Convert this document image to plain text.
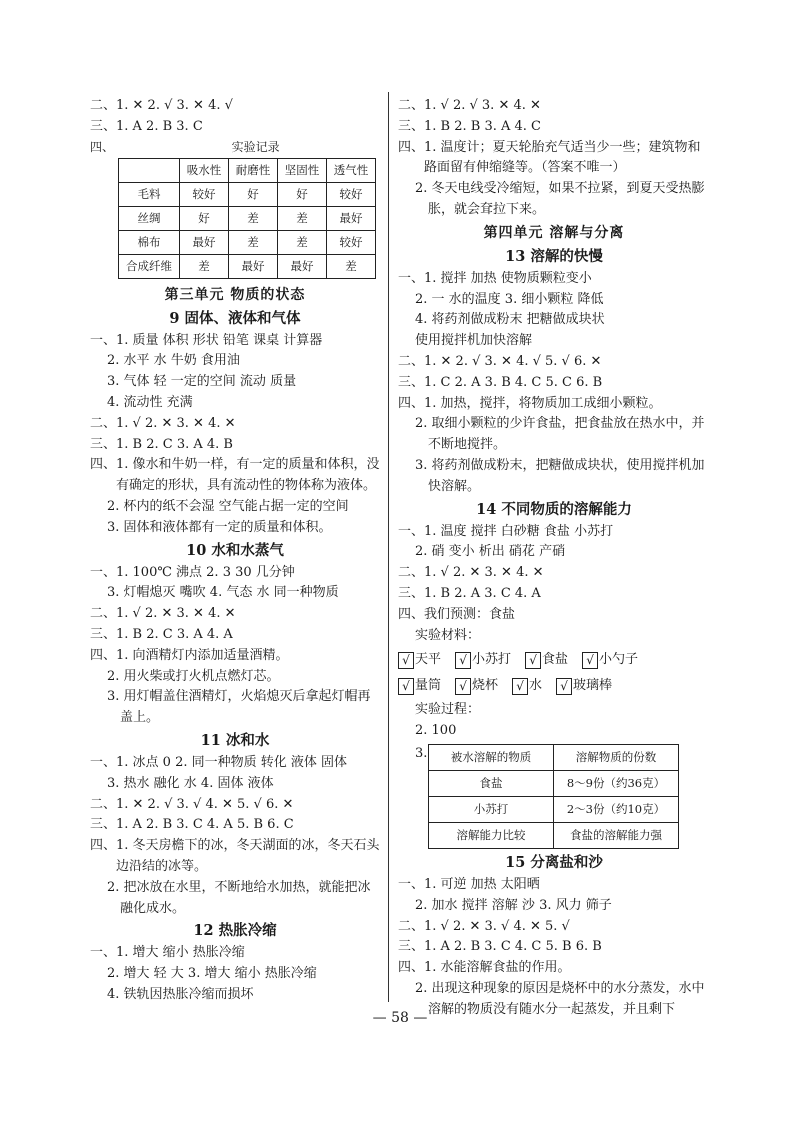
二、1. ✕ 2. √ 3. ✕ 4. √
三、1. A 2. B 3. C
四、	实验记录
	吸水性	耐磨性	坚固性	透气性
毛料	较好	好	好	较好
丝绸	好	差	差	最好
棉布	最好	差	差	较好
合成纤维	差	最好	最好	差
第三单元 物质的状态
9 固体、液体和气体
一、1. 质量 体积 形状 铅笔 课桌 计算器
2. 水平 水 牛奶 食用油
3. 气体 轻 一定的空间 流动 质量
4. 流动性 充满
二、1. √ 2. ✕ 3. ✕ 4. ✕
三、1. B 2. C 3. A 4. B
四、1. 像水和牛奶一样，有一定的质量和体积，没有确定的形状，具有流动性的物体称为液体。
2. 杯内的纸不会湿 空气能占据一定的空间
3. 固体和液体都有一定的质量和体积。
10 水和水蒸气
一、1. 100℃ 沸点 2. 3 30 几分钟
3. 灯帽熄灭 嘴吹 4. 气态 水 同一种物质
二、1. √ 2. ✕ 3. ✕ 4. ✕
三、1. B 2. C 3. A 4. A
四、1. 向酒精灯内添加适量酒精。
2. 用火柴或打火机点燃灯芯。
3. 用灯帽盖住酒精灯，火焰熄灭后拿起灯帽再盖上。
11 冰和水
一、1. 冰点 0 2. 同一种物质 转化 液体 固体
3. 热水 融化 水 4. 固体 液体
二、1. ✕ 2. √ 3. √ 4. ✕ 5. √ 6. ✕
三、1. A 2. B 3. C 4. A 5. B 6. C
四、1. 冬天房檐下的冰，冬天湖面的冰，冬天石头边沿结的冰等。
2. 把冰放在水里，不断地给水加热，就能把冰融化成水。
12 热胀冷缩
一、1. 增大 缩小 热胀冷缩
2. 增大 轻 大 3. 增大 缩小 热胀冷缩
4. 铁轨因热胀冷缩而损坏
二、1. √ 2. √ 3. ✕ 4. ✕
三、1. B 2. B 3. A 4. C
四、1. 温度计；夏天轮胎充气适当少一些；建筑物和路面留有伸缩缝等。（答案不唯一）
2. 冬天电线受冷缩短，如果不拉紧，到夏天受热膨胀，就会耷拉下来。
第四单元 溶解与分离
13 溶解的快慢
一、1. 搅拌 加热 使物质颗粒变小
2. 一 水的温度 3. 细小颗粒 降低
4. 将药剂做成粉末 把糖做成块状
使用搅拌机加快溶解
二、1. ✕ 2. √ 3. ✕ 4. √ 5. √ 6. ✕
三、1. C 2. A 3. B 4. C 5. C 6. B
四、1. 加热，搅拌，将物质加工成细小颗粒。
2. 取细小颗粒的少许食盐，把食盐放在热水中，并不断地搅拌。
3. 将药剂做成粉末，把糖做成块状，使用搅拌机加快溶解。
14 不同物质的溶解能力
一、1. 温度 搅拌 白砂糖 食盐 小苏打
2. 硝 变小 析出 硝花 产硝
二、1. √ 2. ✕ 3. ✕ 4. ✕
三、1. B 2. A 3. C 4. A
四、我们预测：食盐
实验材料：
√ 天平	√ 小苏打	√ 食盐	√ 小勺子
√ 量筒	√ 烧杯	√ 水	√ 玻璃棒
实验过程：
2. 100
3. 被水溶解的物质	溶解物质的份数
食盐	8～9份（约36克）
小苏打	2～3份（约10克）
溶解能力比较	食盐的溶解能力强
15 分离盐和沙
一、1. 可逆 加热 太阳晒
2. 加水 搅拌 溶解 沙 3. 风力 筛子
二、1. √ 2. ✕ 3. √ 4. ✕ 5. √
三、1. A 2. B 3. C 4. C 5. B 6. B
四、1. 水能溶解食盐的作用。
2. 出现这种现象的原因是烧杯中的水分蒸发，水中溶解的物质没有随水分一起蒸发，并且剩下
— 58 —
